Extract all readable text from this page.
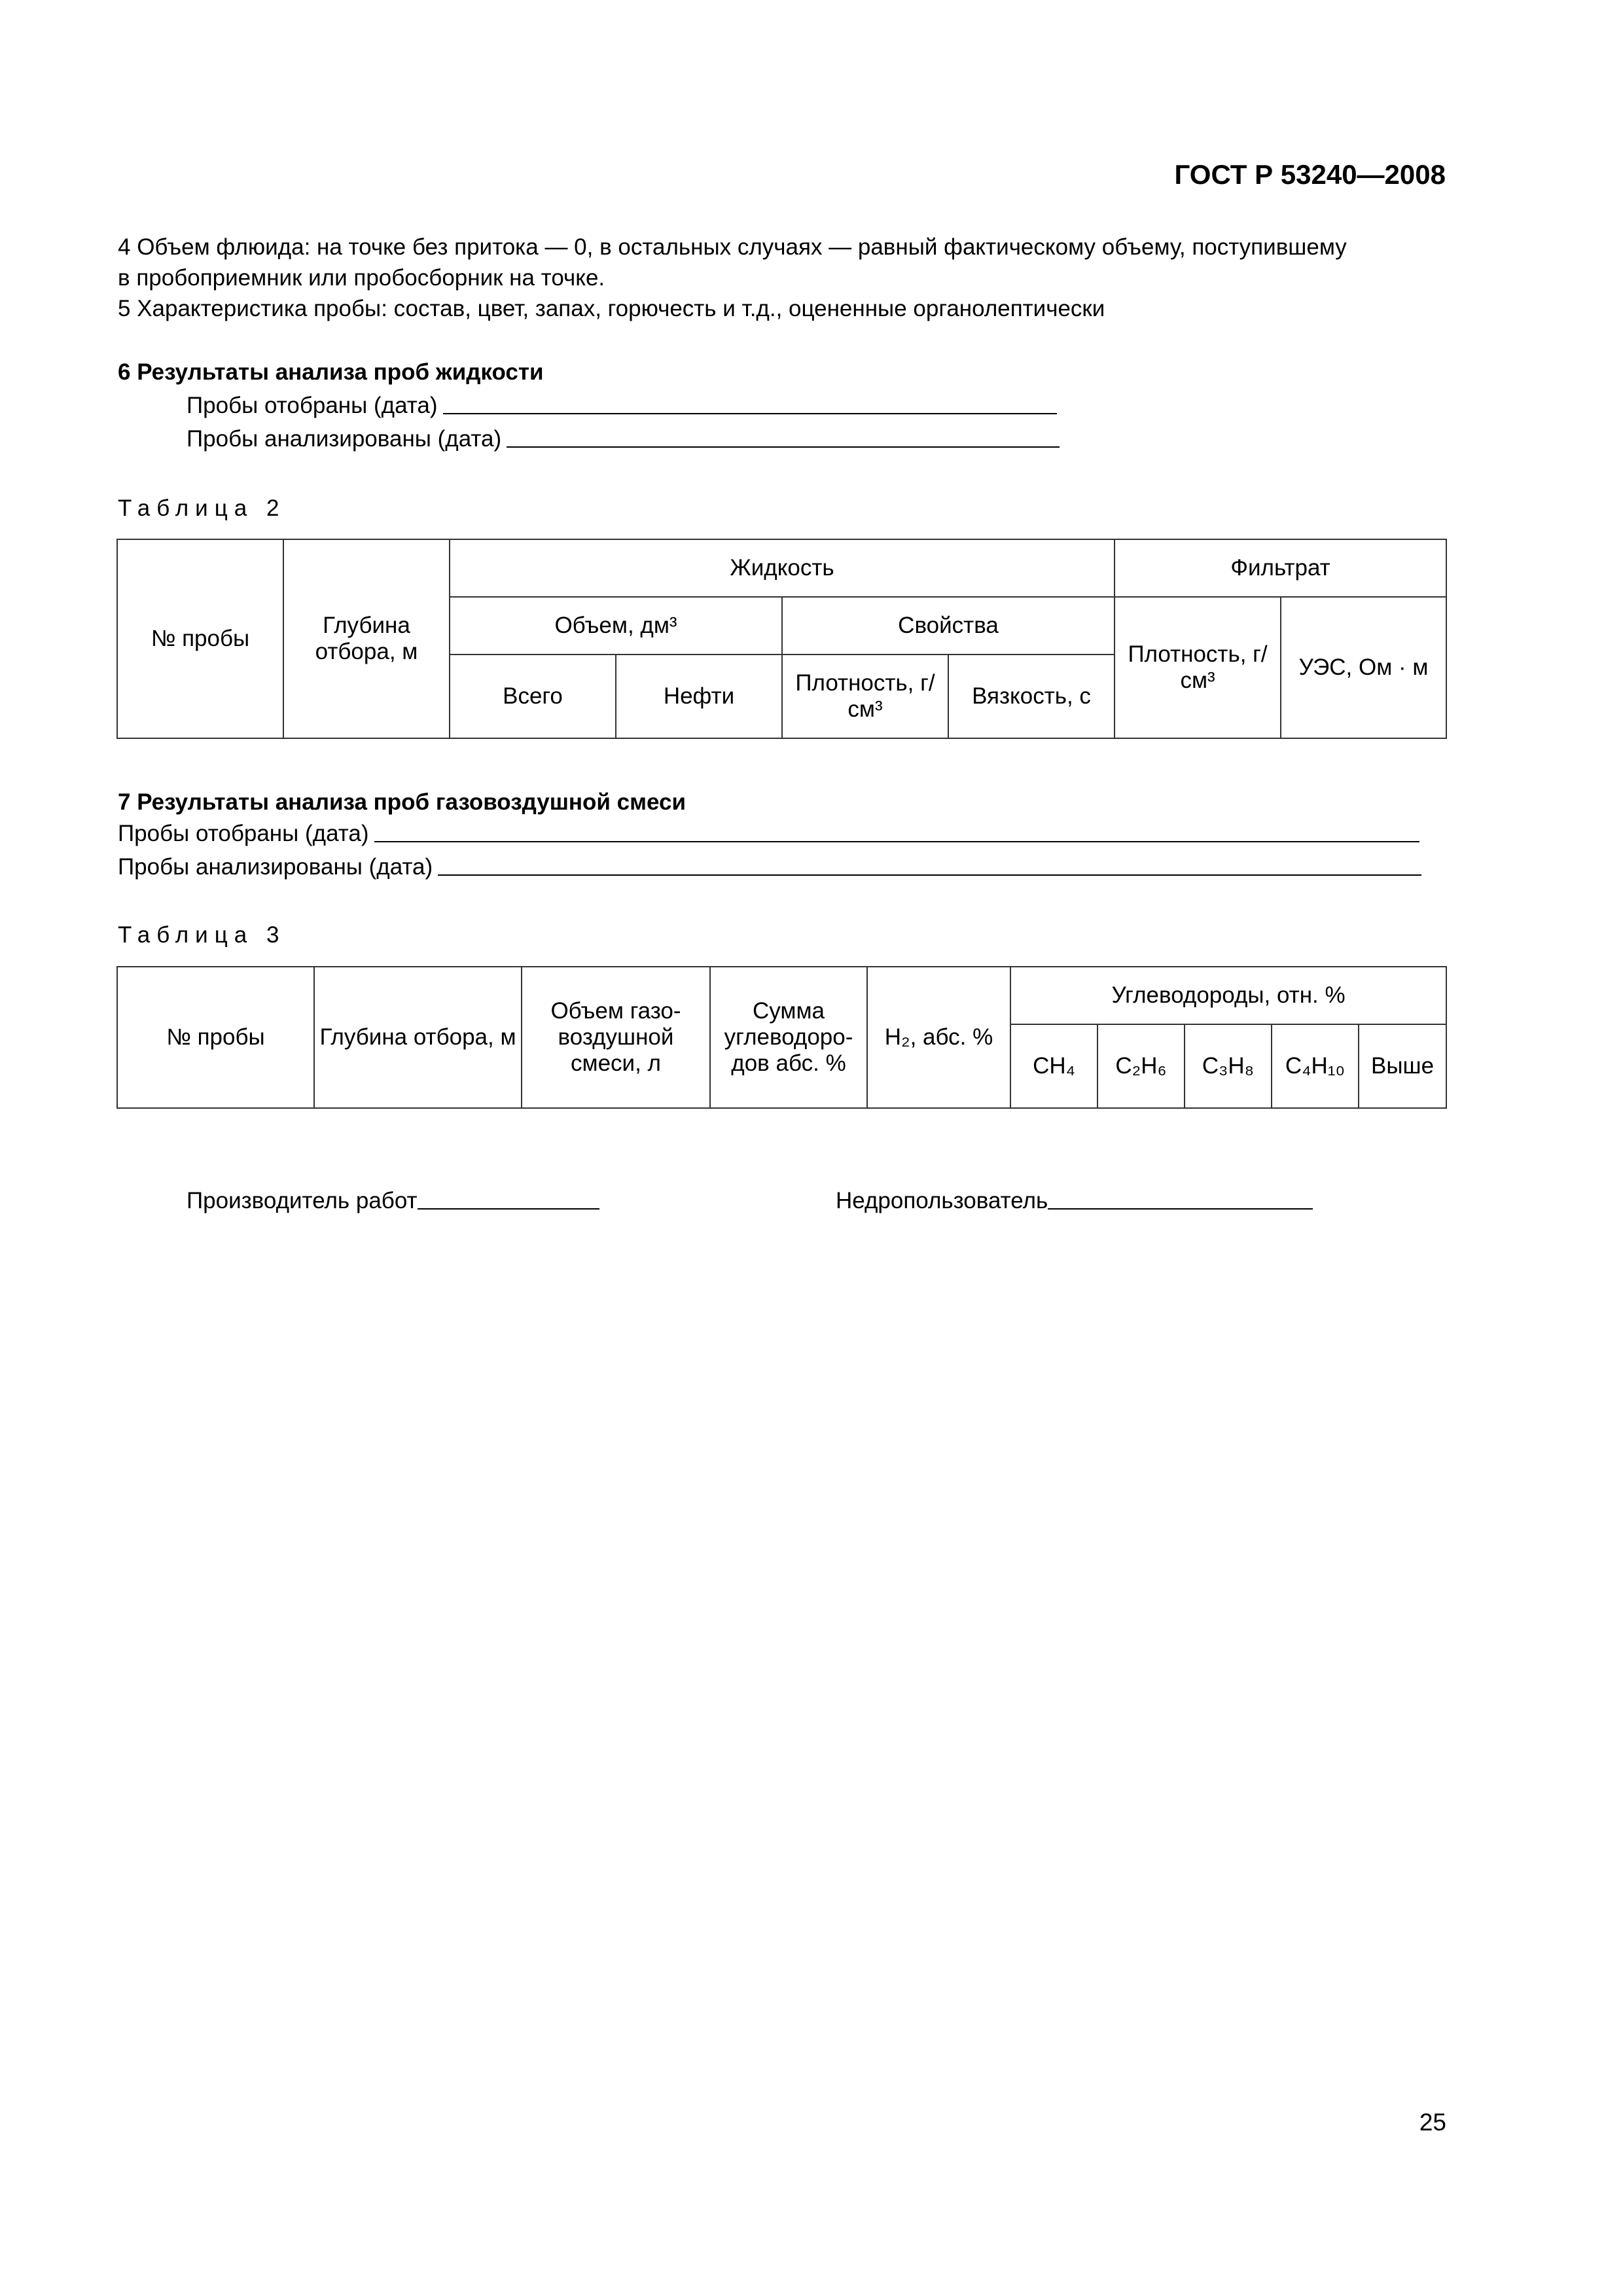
ГОСТ Р 53240—2008
4 Объем флюида: на точке без притока — 0, в остальных случаях — равный фактическому объему, поступившему
в пробоприемник или пробосборник на точке.
5 Характеристика пробы: состав, цвет, запах, горючесть и т.д., оцененные органолептически
6 Результаты анализа проб жидкости
Пробы отобраны (дата)
Пробы анализированы (дата)
Таблица 2
№ пробы	Глубина отбора, м	Жидкость				Фильтрат	
		Объем, дм³		Свойства		Плотность, г/см³	УЭС, Ом · м
		Всего	Нефти	Плотность, г/см³	Вязкость, с		
7 Результаты анализа проб газовоздушной смеси
Пробы отобраны (дата)
Пробы анализированы (дата)
Таблица 3
№ пробы	Глубина отбора, м	Объем газо-воздушной смеси, л	Сумма углеводоро-дов абс. %	H₂, абс. %	Углеводороды, отн. %				
					CH₄	C₂H₆	C₃H₈	C₄H₁₀	Выше
Производитель работ	Недропользователь
25
